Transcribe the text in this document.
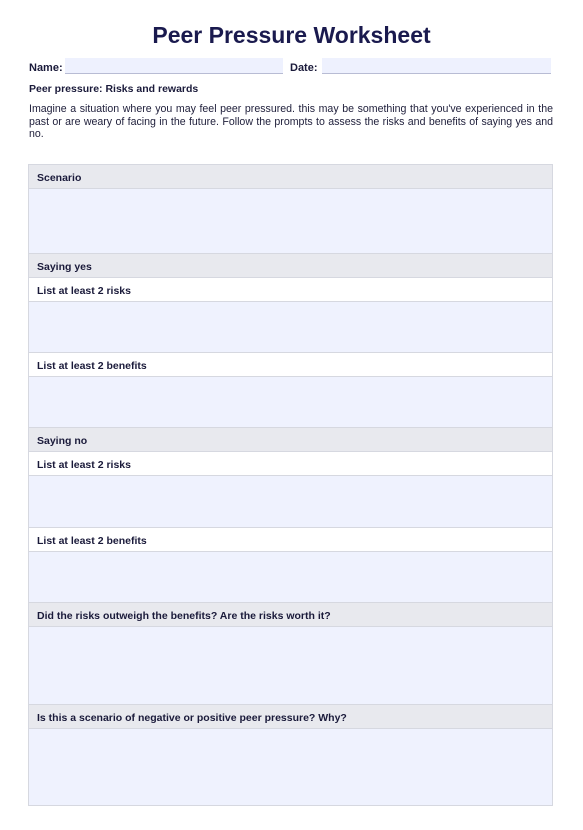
Peer Pressure Worksheet
Name:	Date:
Peer pressure: Risks and rewards
Imagine a situation where you may feel peer pressured. this may be something that you've experienced in the past or are weary of facing in the future. Follow the prompts to assess the risks and benefits of saying yes and no.
Scenario
Saying yes
List at least 2 risks
List at least 2 benefits
Saying no
List at least 2 risks
List at least 2 benefits
Did the risks outweigh the benefits? Are the risks worth it?
Is this a scenario of negative or positive peer pressure? Why?
